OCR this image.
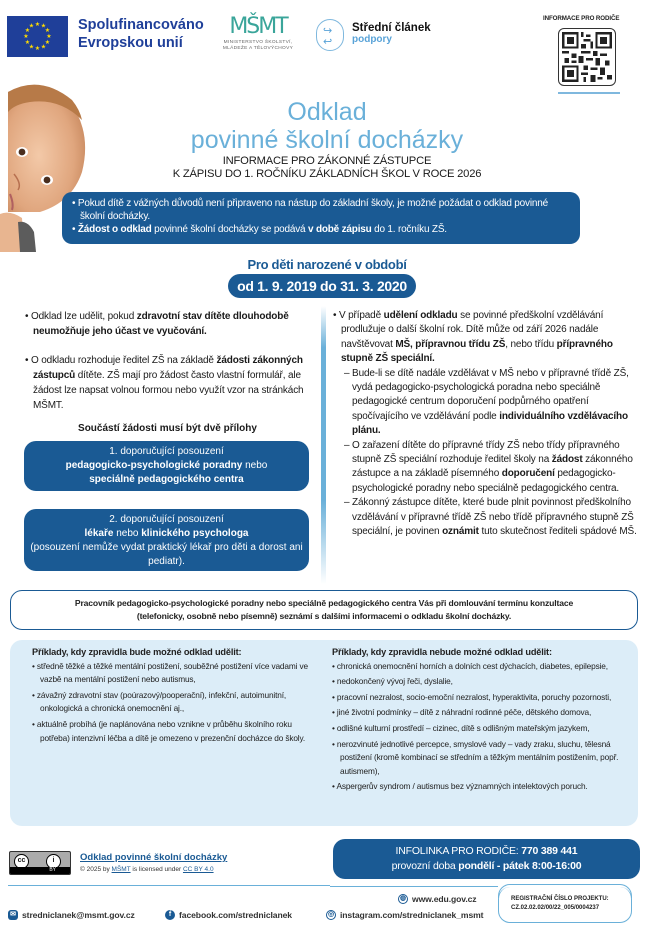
★ ★
★
★
★
★
★
★
★
★
★
★	Spolufinancováno
Evropskou unií
MŠMT
MINISTERSTVO ŠKOLSTVÍ,
MLÁDEŽE A TĚLOVÝCHOVY
↪
↩
Střední článek
podpory
INFORMACE PRO RODIČE
Odklad
povinné školní docházky
INFORMACE PRO ZÁKONNÉ ZÁSTUPCE
K ZÁPISU DO 1. ROČNÍKU ZÁKLADNÍCH ŠKOL V ROCE 2026

• Pokud dítě z vážných důvodů není připraveno na nástup do základní školy, je možné požádat o odklad povinné školní docházky.

• Žádost o odklad povinné školní docházky se podává v době zápisu do 1. ročníku ZŠ.

Pro děti narozené v období
od 1. 9. 2019 do 31. 3. 2020

• Odklad lze udělit, pokud zdravotní stav dítěte dlouhodobě neumožňuje jeho účast ve vyučování.

• O odkladu rozhoduje ředitel ZŠ na základě žádosti zákonných zástupců dítěte. ZŠ mají pro žádost často vlastní formulář, ale žádost lze napsat volnou formou nebo využít vzor na stránkách MŠMT.

Součástí žádosti musí být dvě přílohy
1. doporučující posouzení
pedagogicko-psychologické poradny nebo
speciálně pedagogického centra
2. doporučující posouzení
lékaře nebo klinického psychologa
(posouzení nemůže vydat praktický lékař pro děti a dorost ani pediatr).

• V případě udělení odkladu se povinné předškolní vzdělávání prodlužuje o další školní rok. Dítě může od září 2026 nadále navštěvovat MŠ, přípravnou třídu ZŠ, nebo třídu přípravného stupně ZŠ speciální.

– Bude-li se dítě nadále vzdělávat v MŠ nebo v přípravné třídě ZŠ, vydá pedagogicko-psychologická poradna nebo speciálně pedagogické centrum doporučení podpůrného opatření spočívajícího ve vzdělávání podle individuálního vzdělávacího plánu.

– O zařazení dítěte do přípravné třídy ZŠ nebo třídy přípravného stupně ZŠ speciální rozhoduje ředitel školy na žádost zákonného zástupce a na základě písemného doporučení pedagogicko-psychologické poradny nebo speciálně pedagogického centra.

– Zákonný zástupce dítěte, které bude plnit povinnost předškolního vzdělávání v přípravné třídě ZŠ nebo třídě přípravného stupně ZŠ speciální, je povinen oznámit tuto skutečnost řediteli spádové MŠ.

Pracovník pedagogicko-psychologické poradny nebo speciálně pedagogického centra Vás při domlouvání termínu konzultace
(telefonicky, osobně nebo písemně) seznámí s dalšími informacemi o odkladu školní docházky.
Příklady, kdy zpravidla bude možné odklad udělit:
• středně těžké a těžké mentální postižení, souběžné postižení více vadami ve vazbě na mentální postižení nebo autismus,
• závažný zdravotní stav (poúrazový/pooperační), infekční, autoimunitní, onkologická a chronická onemocnění aj.,
• aktuálně probíhá (je naplánována nebo vznikne v průběhu školního roku potřeba) intenzivní léčba a dítě je omezeno v prezenční docházce do školy.
Příklady, kdy zpravidla nebude možné odklad udělit:
• chronická onemocnění horních a dolních cest dýchacích, diabetes, epilepsie,
• nedokončený vývoj řeči, dyslalie,
• pracovní nezralost, socio-emoční nezralost, hyperaktivita, poruchy pozornosti,
• jiné životní podmínky – dítě z náhradní rodinné péče, dětského domova,
• odlišné kulturní prostředí – cizinec, dítě s odlišným mateřským jazykem,
• nerozvinuté jednotlivé percepce, smyslové vady – vady zraku, sluchu, tělesná postižení (kromě kombinací se středním a těžkým mentálním postižením, popř. autismem),
• Aspergerův syndrom / autismus bez významných intelektových poruch.
cc	i
BY
Odklad povinné školní docházky
© 2025 by MŠMT is licensed under CC BY 4.0
INFOLINKA PRO RODIČE: 770 389 441
provozní doba pondělí - pátek 8:00-16:00
REGISTRAČNÍ ČÍSLO PROJEKTU:
CZ.02.02.02/00/22_005/0004237
◍ www.edu.gov.cz
✉ strednicIanek@msmt.gov.cz	f facebook.com/strednicIanek	◎ instagram.com/strednicIanek_msmt
